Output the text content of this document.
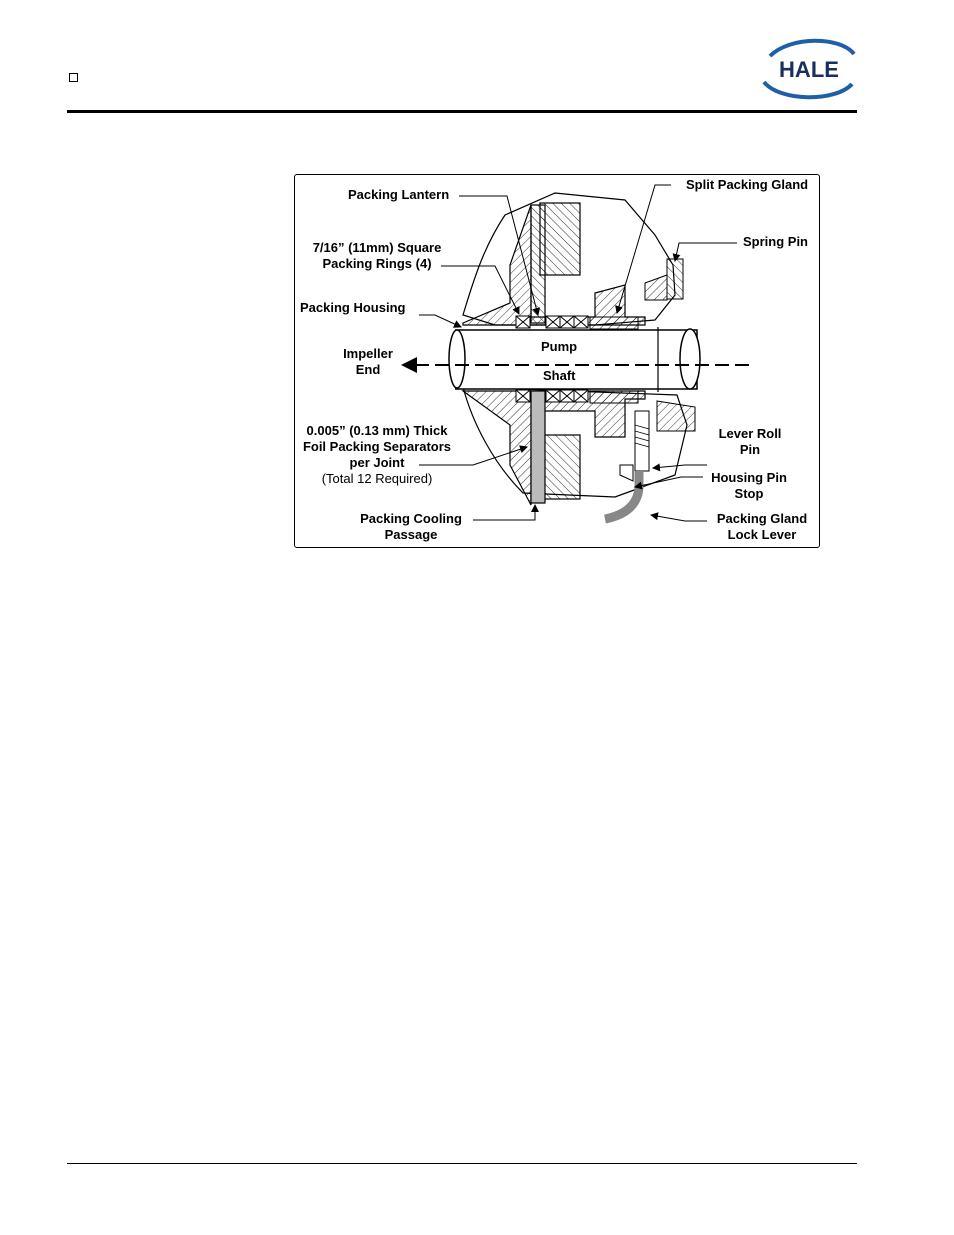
HALE
Packing Lantern
Split Packing Gland
7/16” (11mm) Square
Packing Rings (4)
Spring Pin
Packing Housing
Impeller
End
Pump
Shaft
0.005” (0.13 mm) Thick
Foil Packing Separators
per Joint
(Total 12 Required)
Lever Roll
Pin
Housing Pin
Stop
Packing Cooling
Passage
Packing Gland
Lock Lever
